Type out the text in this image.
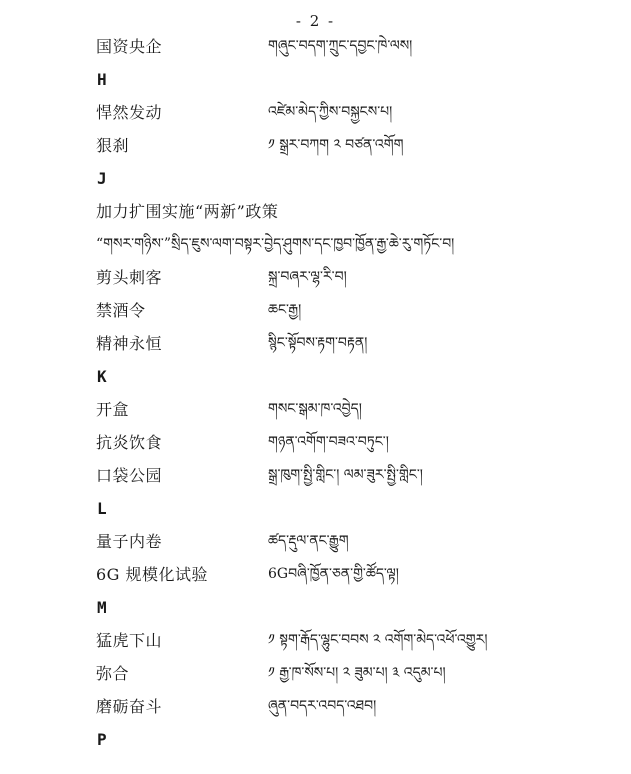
- 2 -
国资央企	གཞུང་བདག་ཀྲུང་དབྱང་ཁེ་ལས།
H
悍然发动	འཛེམ་མེད་ཀྱིས་བསྐྱངས་པ།
狠刹	༡ སྒྲར་བཀག ༢ བཙན་འགོག
J
加力扩围实施“两新”政策
“གསར་གཉིས་”སྲིད་ཇུས་ལག་བསྟར་བྱེད་ཤུགས་དང་ཁྱབ་ཁྱོན་རྒྱ་ཆེ་རུ་གཏོང་བ།
剪头刺客	སྐྲ་བཞར་ལྷ་རི་བ།
禁酒令	ཆང་རྒྱ།
精神永恒	སྙིང་སྟོབས་རྟག་བརྟན།
K
开盒	གསང་སྒམ་ཁ་འབྱེད།
抗炎饮食	གཉན་འགོག་བཟའ་བཏུང་།
口袋公园	སྒྲ་ཁུག་སྤྱི་གླིང་། ལམ་ཟུར་སྤྱི་གླིང་།
L
量子内卷	ཚད་རྡུལ་ནང་རྒྱུག
6G 规模化试验	6Gབཞི་ཁྱོན་ཅན་གྱི་ཚོད་ལྟ།
M
猛虎下山	༡ སྟག་རྒོད་ལྷུང་བབས ༢ འགོག་མེད་འཕོ་འགྱུར།
弥合	༡ རྒྱ་ཁ་སོས་པ། ༢ ཟུམ་པ། ༣ འདུམ་པ།
磨砺奋斗	ཞུན་བདར་འབད་འཐབ།
P
